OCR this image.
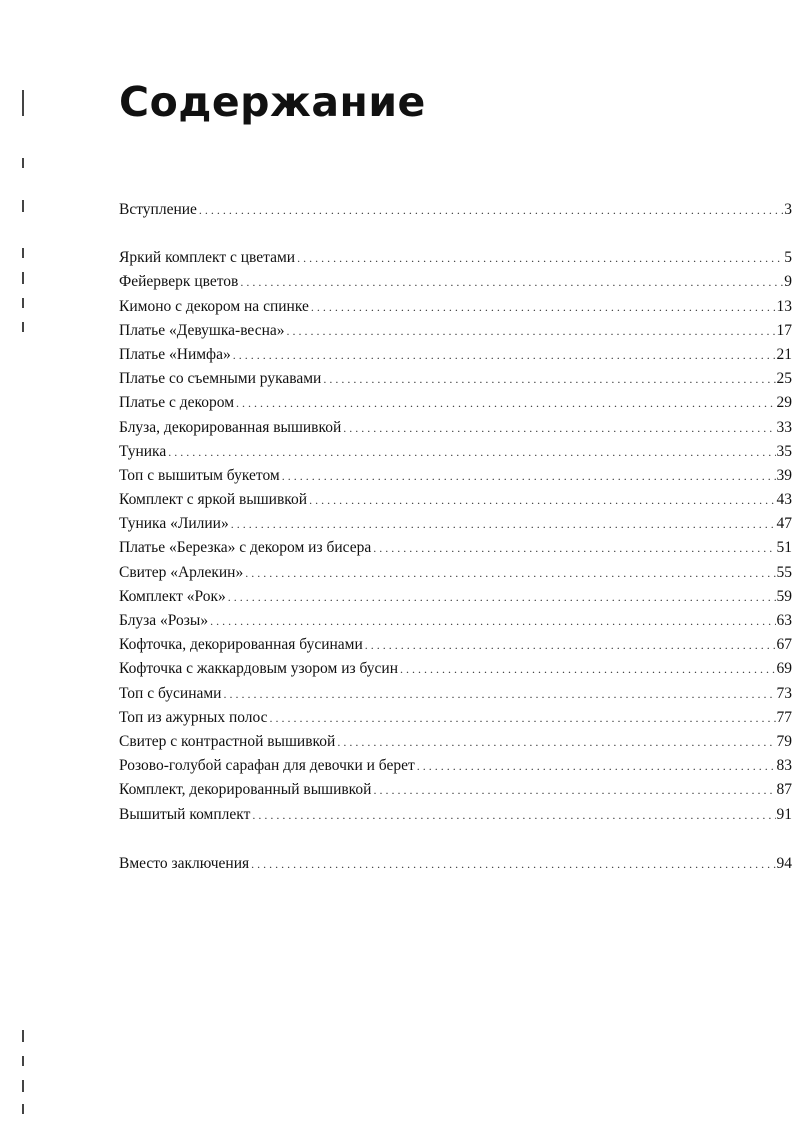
Содержание
Вступление . . .	3
Яркий комплект с цветами . . .	5
Фейерверк цветов . . .	9
Кимоно с декором на спинке . . .	13
Платье «Девушка-весна» . . .	17
Платье «Нимфа» . . .	21
Платье со съемными рукавами . . .	25
Платье с декором . . .	29
Блуза, декорированная вышивкой . . .	33
Туника . . .	35
Топ с вышитым букетом . . .	39
Комплект с яркой вышивкой . . .	43
Туника «Лилии» . . .	47
Платье «Березка» с декором из бисера . . .	51
Свитер «Арлекин» . . .	55
Комплект «Рок» . . .	59
Блуза «Розы» . . .	63
Кофточка, декорированная бусинами . . .	67
Кофточка с жаккардовым узором из бусин . . .	69
Топ с бусинами . . .	73
Топ из ажурных полос . . .	77
Свитер с контрастной вышивкой . . .	79
Розово-голубой сарафан для девочки и берет . . .	83
Комплект, декорированный вышивкой . . .	87
Вышитый комплект . . .	91
Вместо заключения . . .	94
